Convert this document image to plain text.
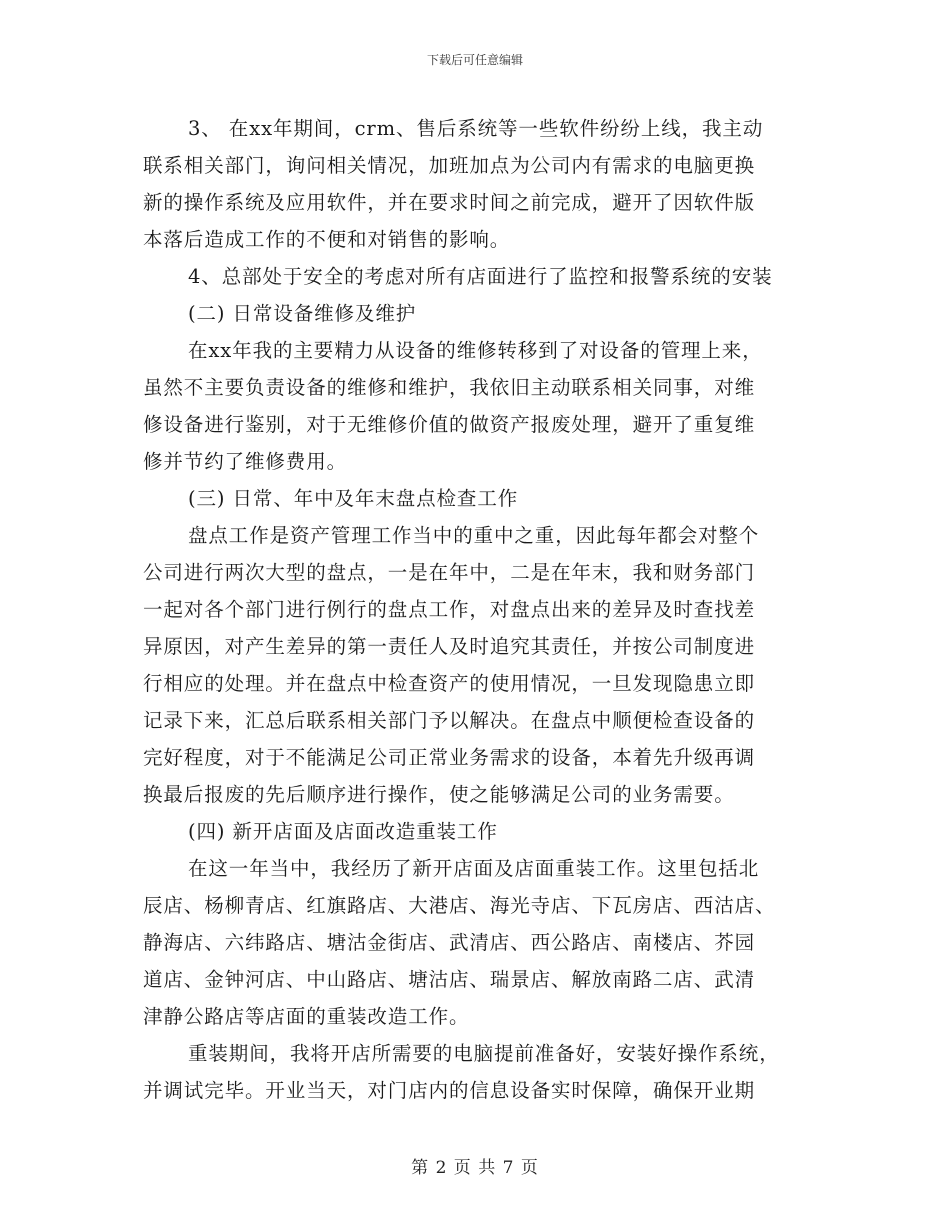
下载后可任意编辑
3、 在xx年期间，crm、售后系统等一些软件纷纷上线，我主动
联系相关部门，询问相关情况，加班加点为公司内有需求的电脑更换
新的操作系统及应用软件，并在要求时间之前完成，避开了因软件版
本落后造成工作的不便和对销售的影响。
4、总部处于安全的考虑对所有店面进行了监控和报警系统的安装
(二) 日常设备维修及维护
在xx年我的主要精力从设备的维修转移到了对设备的管理上来，
虽然不主要负责设备的维修和维护，我依旧主动联系相关同事，对维
修设备进行鉴别，对于无维修价值的做资产报废处理，避开了重复维
修并节约了维修费用。
(三) 日常、年中及年末盘点检查工作
盘点工作是资产管理工作当中的重中之重，因此每年都会对整个
公司进行两次大型的盘点，一是在年中，二是在年末，我和财务部门
一起对各个部门进行例行的盘点工作，对盘点出来的差异及时查找差
异原因，对产生差异的第一责任人及时追究其责任，并按公司制度进
行相应的处理。并在盘点中检查资产的使用情况，一旦发现隐患立即
记录下来，汇总后联系相关部门予以解决。在盘点中顺便检查设备的
完好程度，对于不能满足公司正常业务需求的设备，本着先升级再调
换最后报废的先后顺序进行操作，使之能够满足公司的业务需要。
(四) 新开店面及店面改造重装工作
在这一年当中，我经历了新开店面及店面重装工作。这里包括北
辰店、杨柳青店、红旗路店、大港店、海光寺店、下瓦房店、西沽店、
静海店、六纬路店、塘沽金街店、武清店、西公路店、南楼店、芥园
道店、金钟河店、中山路店、塘沽店、瑞景店、解放南路二店、武清
津静公路店等店面的重装改造工作。
重装期间，我将开店所需要的电脑提前准备好，安装好操作系统，
并调试完毕。开业当天，对门店内的信息设备实时保障，确保开业期
第 2 页 共 7 页
